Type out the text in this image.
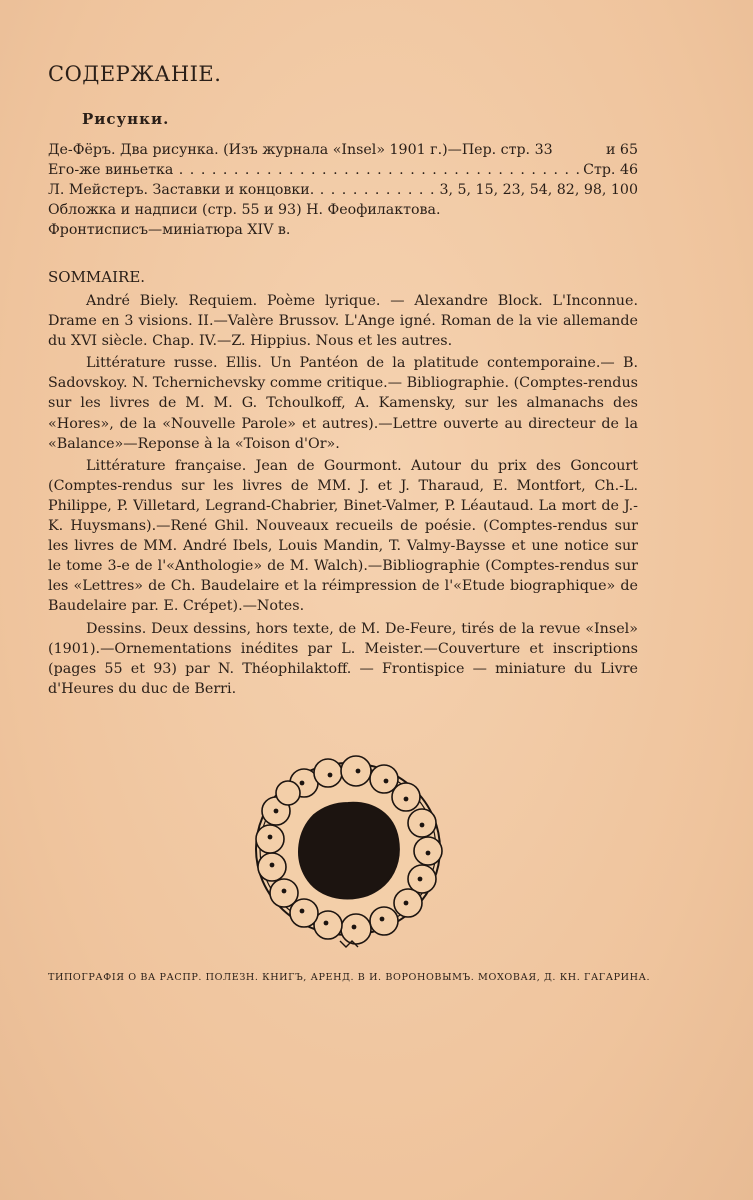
СОДЕРЖАНІЕ.
Рисунки.
Де-Фёръ. Два рисунка. (Изъ журнала «Insel» 1901 г.)—Пер. стр. 33	и 65
Его-же виньетка . . .	Стр. 46
Л. Мейстеръ. Заставки и концовки. . . .	3, 5, 15, 23, 54, 82, 98, 100
Обложка и надписи (стр. 55 и 93) Н. Феофилактова.
Фронтисписъ—миніатюра XIV в.
SOMMAIRE.

André Biely. Requiem. Poème lyrique. — Alexandre Block. L'Inconnue. Drame en 3 visions. II.—Valère Brussov. L'Ange igné. Roman de la vie allemande du XVI siècle. Chap. IV.—Z. Hippius. Nous et les autres.

Littérature russe. Ellis. Un Pantéon de la platitude contemporaine.— B. Sadovskoy. N. Tchernichevsky comme critique.— Bibliographie. (Comptes-rendus sur les livres de M. M. G. Tchoulkoff, A. Kamensky, sur les almanachs des «Hores», de la «Nouvelle Parole» et autres).—Lettre ouverte au directeur de la «Balance»—Reponse à la «Toison d'Or».

Littérature française. Jean de Gourmont. Autour du prix des Goncourt (Comptes-rendus sur les livres de MM. J. et J. Tharaud, E. Montfort, Ch.-L. Philippe, P. Villetard, Legrand-Chabrier, Binet-Valmer, P. Léautaud. La mort de J.-K. Huysmans).—René Ghil. Nouveaux recueils de poésie. (Comptes-rendus sur les livres de MM. André Ibels, Louis Mandin, T. Valmy-Baysse et une notice sur le tome 3-e de l'«Anthologie» de M. Walch).—Bibliographie (Comptes-rendus sur les «Lettres» de Ch. Baudelaire et la réimpression de l'«Etude biographique» de Baudelaire par. E. Crépet).—Notes.

Dessins. Deux dessins, hors texte, de M. De-Feure, tirés de la revue «Insel» (1901).—Ornementations inédites par L. Meister.—Couverture et inscriptions (pages 55 et 93) par N. Théophilaktoff. — Frontispice — miniature du Livre d'Heures du duc de Berri.

ТИПОГРАФІЯ О ВА РАСПР. ПОЛЕЗН. КНИГЪ, АРЕНД. В И. ВОРОНОВЫМЪ. МОХОВАЯ, Д. КН. ГАГАРИНА.
